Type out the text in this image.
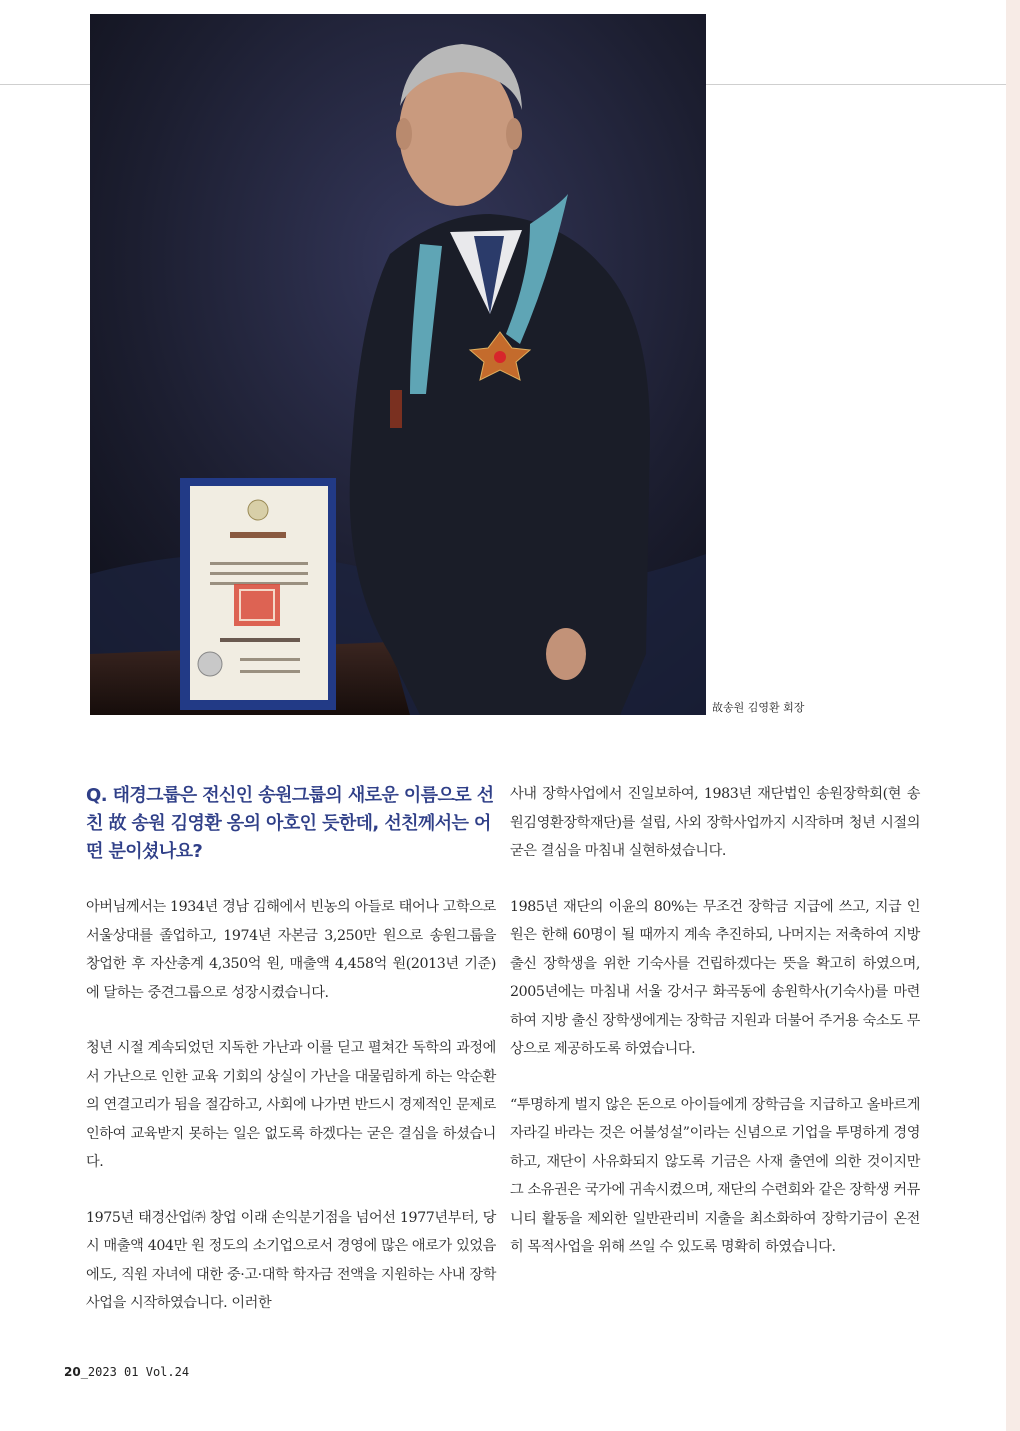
故송원 김영환 회장
Q. 태경그룹은 전신인 송원그룹의 새로운 이름으로 선친 故 송원 김영환 옹의 아호인 듯한데, 선친께서는 어떤 분이셨나요?

아버님께서는 1934년 경남 김해에서 빈농의 아들로 태어나 고학으로 서울상대를 졸업하고, 1974년 자본금 3,250만 원으로 송원그룹을 창업한 후 자산총계 4,350억 원, 매출액 4,458억 원(2013년 기준)에 달하는 중견그룹으로 성장시켰습니다.

청년 시절 계속되었던 지독한 가난과 이를 딛고 펼쳐간 독학의 과정에서 가난으로 인한 교육 기회의 상실이 가난을 대물림하게 하는 악순환의 연결고리가 됨을 절감하고, 사회에 나가면 반드시 경제적인 문제로 인하여 교육받지 못하는 일은 없도록 하겠다는 굳은 결심을 하셨습니다.

1975년 태경산업㈜ 창업 이래 손익분기점을 넘어선 1977년부터, 당시 매출액 404만 원 정도의 소기업으로서 경영에 많은 애로가 있었음에도, 직원 자녀에 대한 중·고·대학 학자금 전액을 지원하는 사내 장학사업을 시작하였습니다. 이러한

사내 장학사업에서 진일보하여, 1983년 재단법인 송원장학회(현 송원김영환장학재단)를 설립, 사외 장학사업까지 시작하며 청년 시절의 굳은 결심을 마침내 실현하셨습니다.

1985년 재단의 이윤의 80%는 무조건 장학금 지급에 쓰고, 지급 인원은 한해 60명이 될 때까지 계속 추진하되, 나머지는 저축하여 지방 출신 장학생을 위한 기숙사를 건립하겠다는 뜻을 확고히 하였으며, 2005년에는 마침내 서울 강서구 화곡동에 송원학사(기숙사)를 마련하여 지방 출신 장학생에게는 장학금 지원과 더불어 주거용 숙소도 무상으로 제공하도록 하였습니다.

“투명하게 벌지 않은 돈으로 아이들에게 장학금을 지급하고 올바르게 자라길 바라는 것은 어불성설”이라는 신념으로 기업을 투명하게 경영하고, 재단이 사유화되지 않도록 기금은 사재 출연에 의한 것이지만 그 소유권은 국가에 귀속시켰으며, 재단의 수련회와 같은 장학생 커뮤니티 활동을 제외한 일반관리비 지출을 최소화하여 장학기금이 온전히 목적사업을 위해 쓰일 수 있도록 명확히 하였습니다.

20_2023 01 Vol.24
